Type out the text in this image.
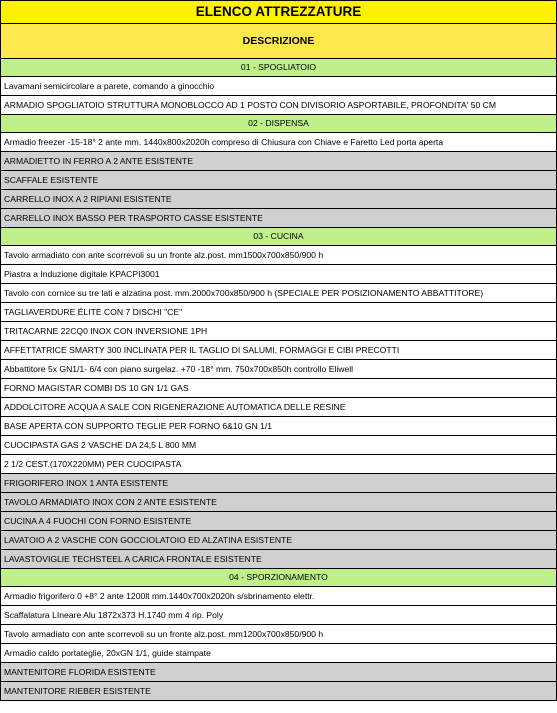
ELENCO ATTREZZATURE
DESCRIZIONE
01 - SPOGLIATOIO
Lavamani semicircolare a parete, comando a ginocchio
ARMADIO SPOGLIATOIO STRUTTURA MONOBLOCCO AD 1 POSTO CON DIVISORIO ASPORTABILE, PROFONDITA' 50 CM
02 - DISPENSA
Armadio freezer -15-18° 2 ante mm. 1440x800x2020h compreso di Chiusura con Chiave e Faretto Led porta aperta
ARMADIETTO IN FERRO A 2 ANTE ESISTENTE
SCAFFALE ESISTENTE
CARRELLO INOX A 2 RIPIANI ESISTENTE
CARRELLO INOX BASSO PER TRASPORTO CASSE ESISTENTE
03 - CUCINA
Tavolo armadiato con ante scorrevoli su un fronte alz.post. mm1500x700x850/900 h
Piastra a Induzione digitale KPACPI3001
Tavolo con cornice su tre lati e alzatina post. mm.2000x700x850/900 h (SPECIALE PER POSIZIONAMENTO ABBATTITORE)
TAGLIAVERDURE ÉLITE CON 7 DISCHI "CE"
TRITACARNE 22CQ0 INOX CON INVERSIONE 1PH
AFFETTATRICE SMARTY 300 INCLINATA PER IL TAGLIO DI SALUMI, FORMAGGI E CIBI PRECOTTI
Abbattitore 5x GN1/1- 6/4 con piano surgelaz. +70 -18° mm. 750x700x850h controllo Eliwell
FORNO MAGISTAR COMBI DS 10 GN 1/1 GAS
ADDOLCITORE ACQUA A SALE CON RIGENERAZIONE AUTOMATICA DELLE RESINE
BASE APERTA CON SUPPORTO TEGLIE PER FORNO 6&10 GN 1/1
CUOCIPASTA GAS 2 VASCHE DA 24,5 L 800 MM
2 1/2 CEST.(170X220MM) PER CUOCIPASTA
FRIGORIFERO INOX 1 ANTA ESISTENTE
TAVOLO ARMADIATO INOX CON 2 ANTE ESISTENTE
CUCINA A 4 FUOCHI CON FORNO ESISTENTE
LAVATOIO A 2 VASCHE CON GOCCIOLATOIO ED ALZATINA ESISTENTE
LAVASTOVIGLIE TECHSTEEL A CARICA FRONTALE ESISTENTE
04 - SPORZIONAMENTO
Armadio frigorifero 0 +8° 2 ante 1200lt mm.1440x700x2020h s/sbrinamento elettr.
Scaffalatura LIneare Alu 1872x373 H.1740 mm 4 rip. Poly
Tavolo armadiato con ante scorrevoli su un fronte alz.post. mm1200x700x850/900 h
Armadio caldo portateglie, 20xGN 1/1, guide stampate
MANTENITORE FLORIDA ESISTENTE
MANTENITORE RIEBER ESISTENTE
